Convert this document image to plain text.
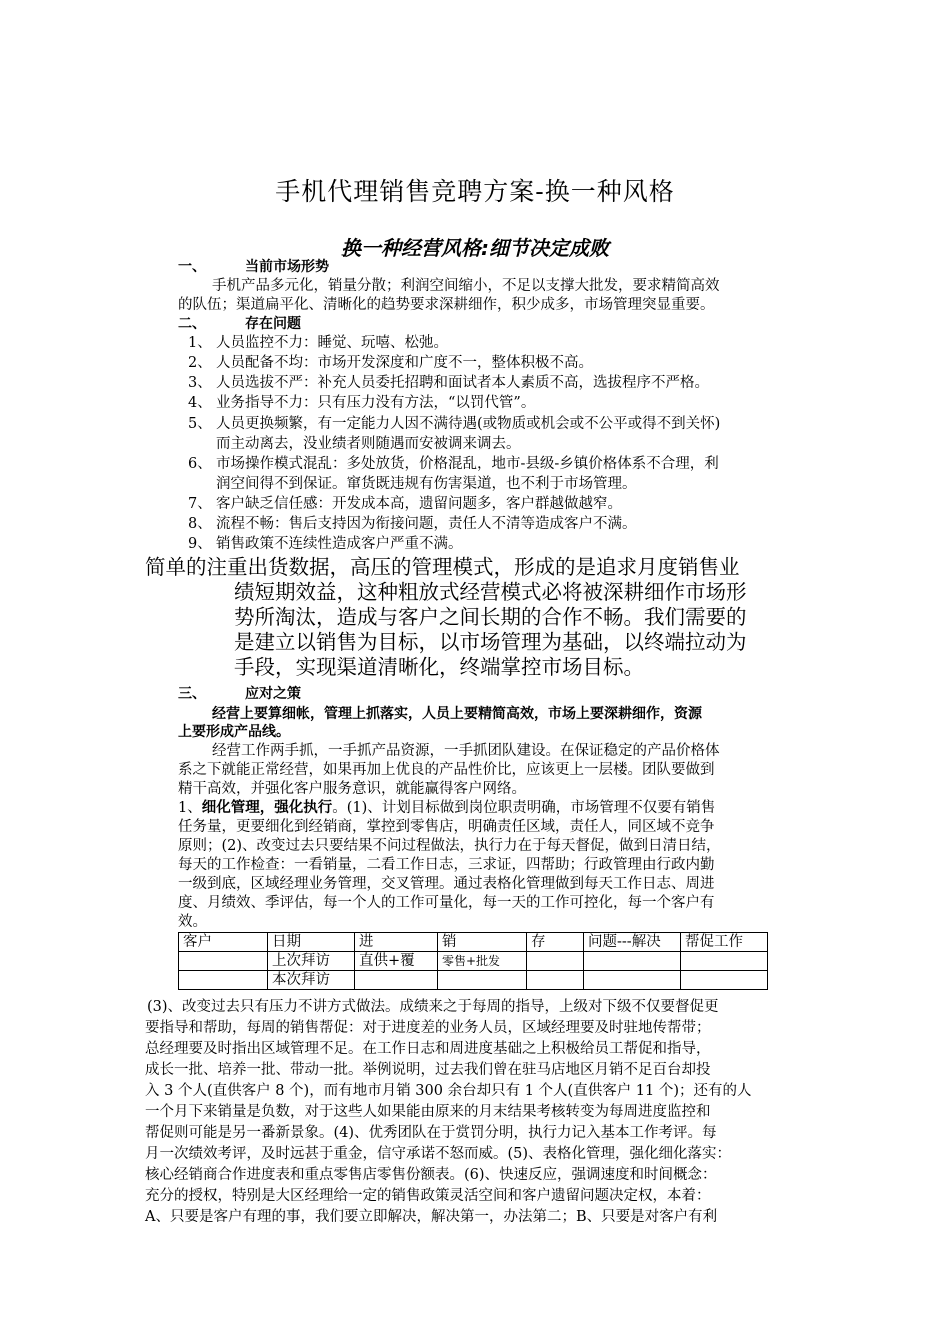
手机代理销售竞聘方案-换一种风格
换一种经营风格:细节决定成败
一、	当前市场形势
手机产品多元化，销量分散；利润空间缩小，不足以支撑大批发，要求精简高效
的队伍；渠道扁平化、清晰化的趋势要求深耕细作，积少成多，市场管理突显重要。
二、	存在问题
1、 人员监控不力：睡觉、玩嘻、松弛。
2、 人员配备不均：市场开发深度和广度不一，整体积极不高。
3、 人员选拔不严：补充人员委托招聘和面试者本人素质不高，选拔程序不严格。
4、 业务指导不力：只有压力没有方法，“以罚代管”。
5、 人员更换频繁，有一定能力人因不满待遇(或物质或机会或不公平或得不到关怀)
而主动离去，没业绩者则随遇而安被调来调去。
6、 市场操作模式混乱：多处放货，价格混乱，地市-县级-乡镇价格体系不合理，利
润空间得不到保证。窜货既违规有伤害渠道，也不利于市场管理。
7、 客户缺乏信任感：开发成本高，遗留问题多，客户群越做越窄。
8、 流程不畅：售后支持因为衔接问题，责任人不清等造成客户不满。
9、 销售政策不连续性造成客户严重不满。
简单的注重出货数据，高压的管理模式，形成的是追求月度销售业
绩短期效益，这种粗放式经营模式必将被深耕细作市场形
势所淘汰，造成与客户之间长期的合作不畅。我们需要的
是建立以销售为目标，以市场管理为基础，以终端拉动为
手段，实现渠道清晰化，终端掌控市场目标。
三、	应对之策
经营上要算细帐，管理上抓落实，人员上要精简高效，市场上要深耕细作，资源
上要形成产品线。
经营工作两手抓，一手抓产品资源，一手抓团队建设。在保证稳定的产品价格体
系之下就能正常经营，如果再加上优良的产品性价比，应该更上一层楼。团队要做到
精干高效，并强化客户服务意识，就能赢得客户网络。
1、细化管理，强化执行。(1)、计划目标做到岗位职责明确，市场管理不仅要有销售
任务量，更要细化到经销商，掌控到零售店，明确责任区域，责任人，同区域不竞争
原则；(2)、改变过去只要结果不问过程做法，执行力在于每天督促，做到日清日结，
每天的工作检查：一看销量，二看工作日志，三求证，四帮助；行政管理由行政内勤
一级到底，区域经理业务管理，交叉管理。通过表格化管理做到每天工作日志、周进
度、月绩效、季评估，每一个人的工作可量化，每一天的工作可控化，每一个客户有
效。
客户	日期	进	销	存	问题---解决	帮促工作
	上次拜访	直供+覆	零售+批发			
	本次拜访					
(3)、改变过去只有压力不讲方式做法。成绩来之于每周的指导，上级对下级不仅要督促更
要指导和帮助，每周的销售帮促：对于进度差的业务人员，区域经理要及时驻地传帮带；
总经理要及时指出区域管理不足。在工作日志和周进度基础之上积极给员工帮促和指导，
成长一批、培养一批、带动一批。举例说明，过去我们曾在驻马店地区月销不足百台却投
入 3 个人(直供客户 8 个)，而有地市月销 300 余台却只有 1 个人(直供客户 11 个)；还有的人
一个月下来销量是负数，对于这些人如果能由原来的月末结果考核转变为每周进度监控和
帮促则可能是另一番新景象。(4)、优秀团队在于赏罚分明，执行力记入基本工作考评。每
月一次绩效考评，及时远甚于重金，信守承诺不怒而威。(5)、表格化管理，强化细化落实：
核心经销商合作进度表和重点零售店零售份额表。(6)、快速反应，强调速度和时间概念：
充分的授权，特别是大区经理给一定的销售政策灵活空间和客户遗留问题决定权，本着：
A、只要是客户有理的事，我们要立即解决，解决第一，办法第二；B、只要是对客户有利
